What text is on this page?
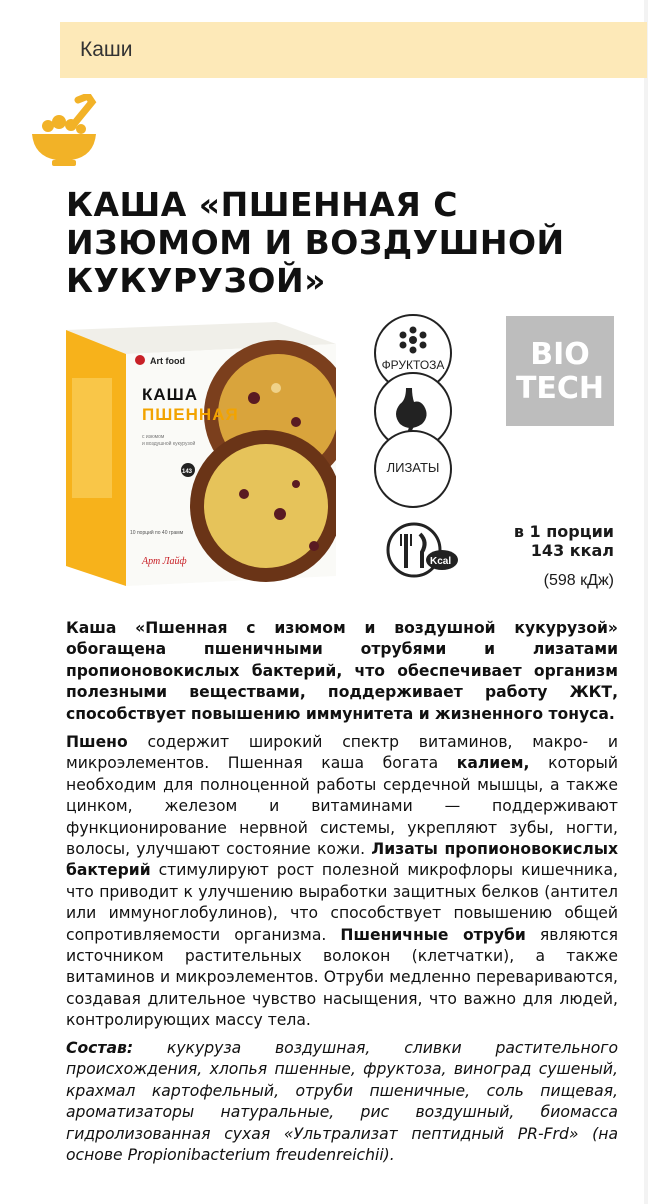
Каши
КАША «ПШЕННАЯ С ИЗЮМОМ И ВОЗДУШНОЙ КУКУРУЗОЙ»
Art food
КАША
ПШЕННАЯ
с изюмом
и воздушной кукурузой
143
10 порций по 40 грамм
Арт Лайф
ФРУКТОЗА
ЛИЗАТЫ
BIO
TECH
Kcal
в 1 порции
143 ккал
(598 кДж)
Каша «Пшенная с изюмом и воздушной кукурузой» обогащена пшеничными отрубями и лизатами пропионовокислых бактерий, что обеспечивает организм полезными веществами, поддерживает работу ЖКТ, способствует повышению иммунитета и жизненного тонуса.
Пшено содержит широкий спектр витаминов, макро- и микроэлементов. Пшенная каша богата калием, который необходим для полноценной работы сердечной мышцы, а также цинком, железом и витаминами — поддерживают функционирование нервной системы, укрепляют зубы, ногти, волосы, улучшают состояние кожи. Лизаты пропионовокислых бактерий стимулируют рост полезной микрофлоры кишечника, что приводит к улучшению выработки защитных белков (антител или иммуноглобулинов), что способствует повышению общей сопротивляемости организма. Пшеничные отруби являются источником растительных волокон (клетчатки), а также витаминов и микроэлементов. Отруби медленно перевариваются, создавая длительное чувство насыщения, что важно для людей, контролирующих массу тела.
Состав: кукуруза воздушная, сливки растительного происхождения, хлопья пшенные, фруктоза, виноград сушеный, крахмал картофельный, отруби пшеничные, соль пищевая, ароматизаторы натуральные, рис воздушный, биомасса гидролизованная сухая «Ультрализат пептидный PR-Frd» (на основе Propionibacterium freudenreichii).
